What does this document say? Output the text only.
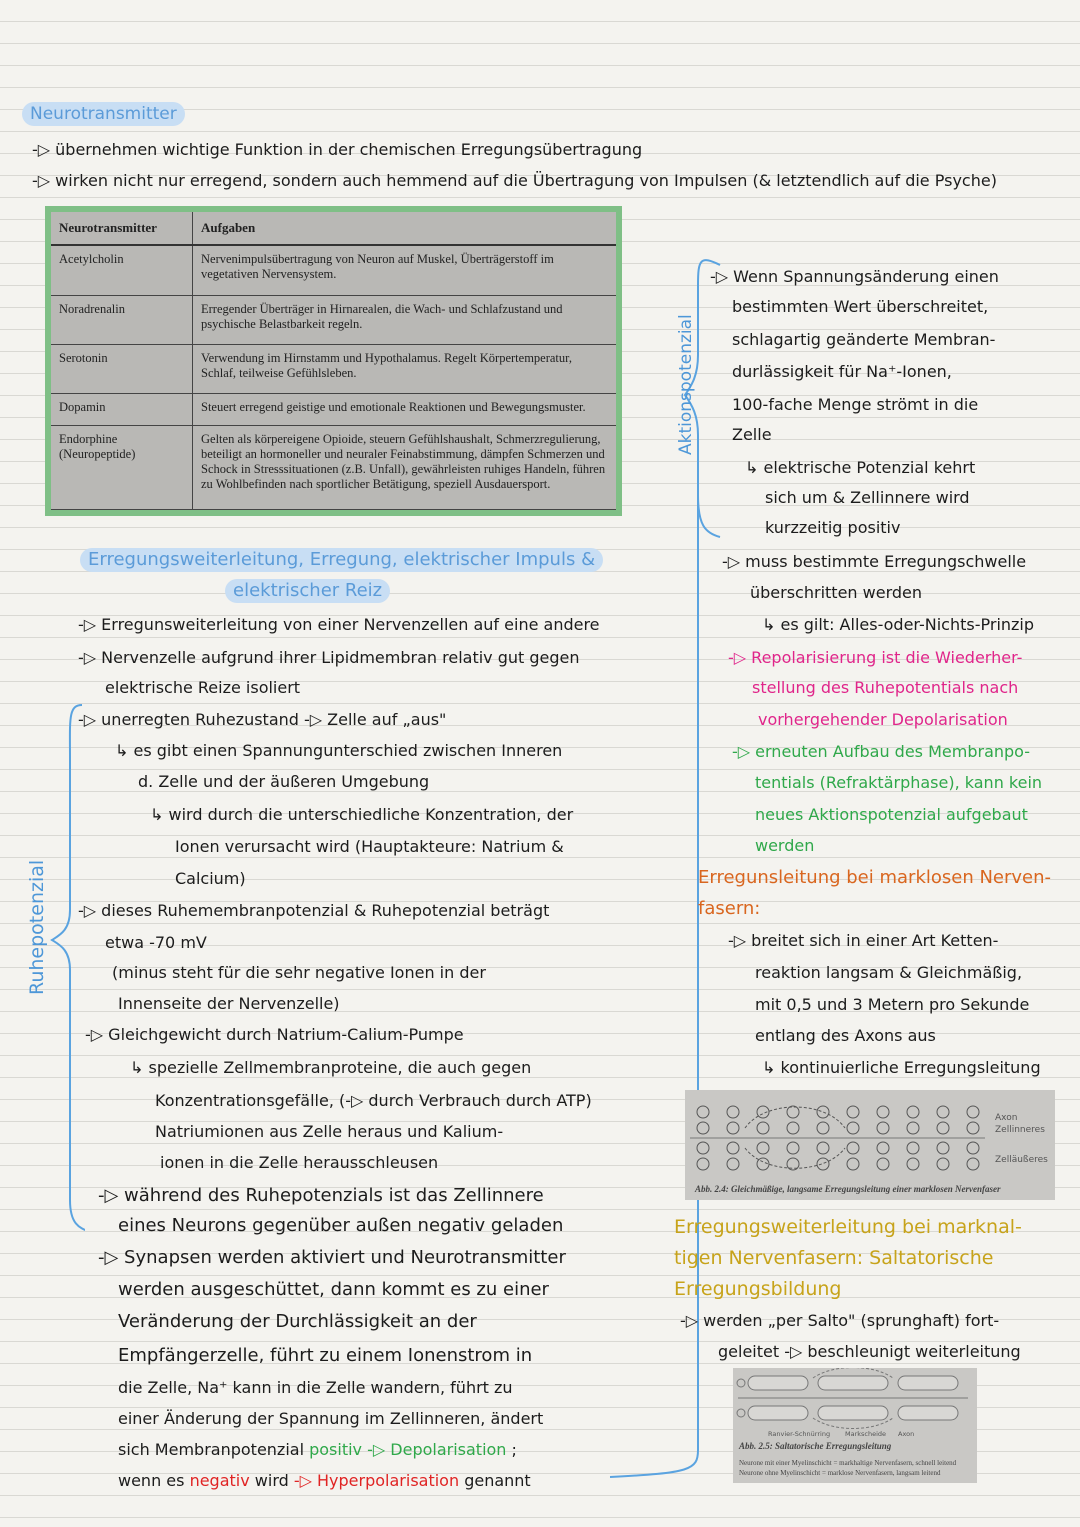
Neurotransmitter
-▷ übernehmen wichtige Funktion in der chemischen Erregungsübertragung
-▷ wirken nicht nur erregend, sondern auch hemmend auf die Übertragung von Impulsen (& letztendlich auf die Psyche)
Neurotransmitter	Aufgaben
Acetylcholin	Nervenimpulsübertragung von Neuron auf Muskel, Überträgerstoff im vegetativen Nervensystem.
Noradrenalin	Erregender Überträger in Hirnarealen, die Wach- und Schlafzustand und psychische Belastbarkeit regeln.
Serotonin	Verwendung im Hirnstamm und Hypothalamus. Regelt Körpertemperatur, Schlaf, teilweise Gefühlsleben.
Dopamin	Steuert erregend geistige und emotionale Reaktionen und Bewegungsmuster.
Endorphine (Neuropeptide)	Gelten als körpereigene Opioide, steuern Gefühlshaushalt, Schmerzregulierung, beteiligt an hormoneller und neuraler Feinabstimmung, dämpfen Schmerzen und Schock in Stresssituationen (z.B. Unfall), gewährleisten ruhiges Handeln, führen zu Wohlbefinden nach sportlicher Betätigung, speziell Ausdauersport.
Erregungsweiterleitung, Erregung, elektrischer Impuls &
elektrischer Reiz
-▷ Erregunsweiterleitung von einer Nervenzellen auf eine andere
-▷ Nervenzelle aufgrund ihrer Lipidmembran relativ gut gegen
elektrische Reize isoliert
-▷ unerregten Ruhezustand -▷ Zelle auf „aus"
↳ es gibt einen Spannungunterschied zwischen Inneren
d. Zelle und der äußeren Umgebung
↳ wird durch die unterschiedliche Konzentration, der
Ionen verursacht wird (Hauptakteure: Natrium &
Calcium)
-▷ dieses Ruhemembranpotenzial & Ruhepotenzial beträgt
etwa -70 mV
(minus steht für die sehr negative Ionen in der
Innenseite der Nervenzelle)
-▷ Gleichgewicht durch Natrium-Calium-Pumpe
↳ spezielle Zellmembranproteine, die auch gegen
Konzentrationsgefälle, (-▷ durch Verbrauch durch ATP)
Natriumionen aus Zelle heraus und Kalium-
ionen in die Zelle herausschleusen
-▷ während des Ruhepotenzials ist das Zellinnere
eines Neurons gegenüber außen negativ geladen
-▷ Synapsen werden aktiviert und Neurotransmitter
werden ausgeschüttet, dann kommt es zu einer
Veränderung der Durchlässigkeit an der
Empfängerzelle, führt zu einem Ionenstrom in
die Zelle, Na⁺ kann in die Zelle wandern, führt zu
einer Änderung der Spannung im Zellinneren, ändert
sich Membranpotenzial positiv -▷ Depolarisation ;
wenn es negativ wird -▷ Hyperpolarisation genannt
Ruhepotenzial
Aktionspotenzial
-▷ Wenn Spannungsänderung einen
bestimmten Wert überschreitet,
schlagartig geänderte Membran-
durlässigkeit für Na⁺-Ionen,
100-fache Menge strömt in die
Zelle
↳ elektrische Potenzial kehrt
sich um & Zellinnere wird
kurzzeitig positiv
-▷ muss bestimmte Erregungschwelle
überschritten werden
↳ es gilt: Alles-oder-Nichts-Prinzip
-▷ Repolarisierung ist die Wiederher-
stellung des Ruhepotentials nach
vorhergehender Depolarisation
-▷ erneuten Aufbau des Membranpo-
tentials (Refraktärphase), kann kein
neues Aktionspotenzial aufgebaut
werden
Erregunsleitung bei marklosen Nerven-
fasern:
-▷ breitet sich in einer Art Ketten-
reaktion langsam & Gleichmäßig,
mit 0,5 und 3 Metern pro Sekunde
entlang des Axons aus
↳ kontinuierliche Erregungsleitung
Axon
Zellinneres
Zelläußeres
Abb. 2.4: Gleichmäßige, langsame Erregungsleitung einer marklosen Nervenfaser
Erregungsweiterleitung bei marknal-
tigen Nervenfasern: Saltatorische
Erregungsbildung
-▷ werden „per Salto" (sprunghaft) fort-
geleitet -▷ beschleunigt weiterleitung
Ranvier-Schnürring Markscheide Axon
Abb. 2.5: Saltatorische Erregungsleitung
Neurone mit einer Myelinschicht = markhaltige Nervenfasern, schnell leitend
Neurone ohne Myelinschicht = marklose Nervenfasern, langsam leitend
